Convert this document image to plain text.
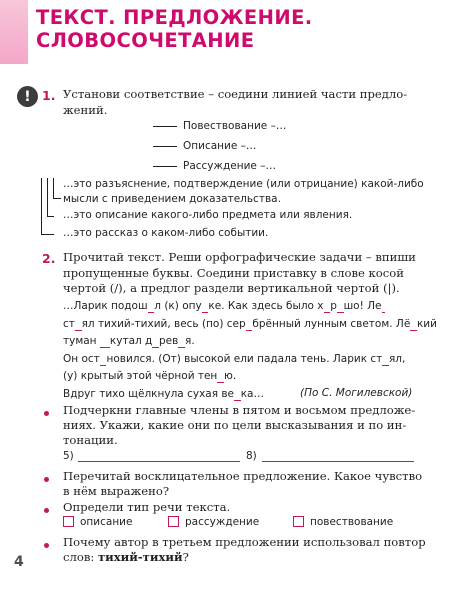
ТЕКСТ. ПРЕДЛОЖЕНИЕ.
СЛОВОСОЧЕТАНИЕ
! 1. Установи соответствие – соедини линией части предло-
жений.
Повествование –…
Описание –…
Рассуждение –…
…это разъяснение, подтверждение (или отрицание) какой-либо
мысли с приведением доказательства.
…это описание какого-либо предмета или явления.
…это рассказ о каком-либо событии.
2. Прочитай текст. Реши орфографические задачи – впиши
пропущенные буквы. Соедини приставку в слове косой
чертой (/), а предлог раздели вертикальной чертой (|).
…Ларик подош л (к) опу ке. Как здесь было х р шо! Ле
ст ял тихий-тихий, весь (по) сер брённый лунным светом. Лё кий
туман    кутал д рев я.
Он ост новился. (От) высокой ели падала тень. Ларик ст ял,
(у) крытый этой чёрной тен ю.
Вдруг тихо щёлкнула сухая ве ка…	(По С. Могилевской)
Подчеркни главные члены в пятом и восьмом предложе-
ниях. Укажи, какие они по цели высказывания и по ин-
тонации.
5)	8)
Перечитай восклицательное предложение. Какое чувство
в нём выражено?
Определи тип речи текста.
описание	рассуждение	повествование
Почему автор в третьем предложении использовал повтор
слов: тихий-тихий?
4
